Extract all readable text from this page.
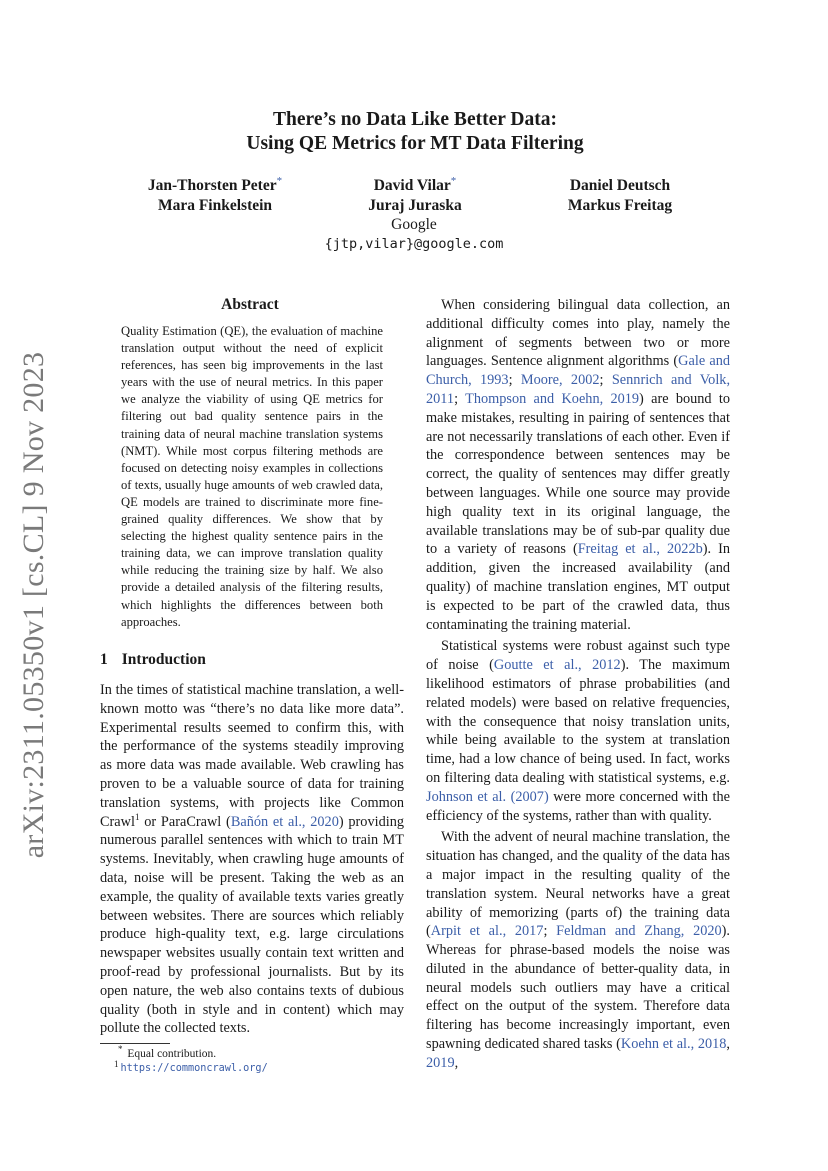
arXiv:2311.05350v1 [cs.CL] 9 Nov 2023
There’s no Data Like Better Data:
Using QE Metrics for MT Data Filtering
Jan-Thorsten Peter*
Mara Finkelstein
David Vilar*
Juraj Juraska
Daniel Deutsch
Markus Freitag
Google
{jtp,vilar}@google.com
Abstract

Quality Estimation (QE), the evaluation of machine translation output without the need of explicit references, has seen big improvements in the last years with the use of neural metrics. In this paper we analyze the viability of using QE metrics for filtering out bad quality sentence pairs in the training data of neural machine translation systems (NMT). While most corpus filtering methods are focused on detecting noisy examples in collections of texts, usually huge amounts of web crawled data, QE models are trained to discriminate more fine-grained quality differences. We show that by selecting the highest quality sentence pairs in the training data, we can improve translation quality while reducing the training size by half. We also provide a detailed analysis of the filtering results, which highlights the differences between both approaches.

1 Introduction

In the times of statistical machine translation, a well-known motto was “there’s no data like more data”. Experimental results seemed to confirm this, with the performance of the systems steadily improving as more data was made available. Web crawling has proven to be a valuable source of data for training translation systems, with projects like Common Crawl$^1$ or ParaCrawl (Bañón et al., 2020) providing numerous parallel sentences with which to train MT systems. Inevitably, when crawling huge amounts of data, noise will be present. Taking the web as an example, the quality of available texts varies greatly between websites. There are sources which reliably produce high-quality text, e.g. large circulations newspaper websites usually contain text written and proof-read by professional journalists. But by its open nature, the web also contains texts of dubious quality (both in style and in content) which may pollute the collected texts.

* Equal contribution.
1 https://commoncrawl.org/

When considering bilingual data collection, an additional difficulty comes into play, namely the alignment of segments between two or more languages. Sentence alignment algorithms (Gale and Church, 1993; Moore, 2002; Sennrich and Volk, 2011; Thompson and Koehn, 2019) are bound to make mistakes, resulting in pairing of sentences that are not necessarily translations of each other. Even if the correspondence between sentences may be correct, the quality of sentences may differ greatly between languages. While one source may provide high quality text in its original language, the available translations may be of sub-par quality due to a variety of reasons (Freitag et al., 2022b). In addition, given the increased availability (and quality) of machine translation engines, MT output is expected to be part of the crawled data, thus contaminating the training material.

Statistical systems were robust against such type of noise (Goutte et al., 2012). The maximum likelihood estimators of phrase probabilities (and related models) were based on relative frequencies, with the consequence that noisy translation units, while being available to the system at translation time, had a low chance of being used. In fact, works on filtering data dealing with statistical systems, e.g. Johnson et al. (2007) were more concerned with the efficiency of the systems, rather than with quality.

With the advent of neural machine translation, the situation has changed, and the quality of the data has a major impact in the resulting quality of the translation system. Neural networks have a great ability of memorizing (parts of) the training data (Arpit et al., 2017; Feldman and Zhang, 2020). Whereas for phrase-based models the noise was diluted in the abundance of better-quality data, in neural models such outliers may have a critical effect on the output of the system. Therefore data filtering has become increasingly important, even spawning dedicated shared tasks (Koehn et al., 2018, 2019,
